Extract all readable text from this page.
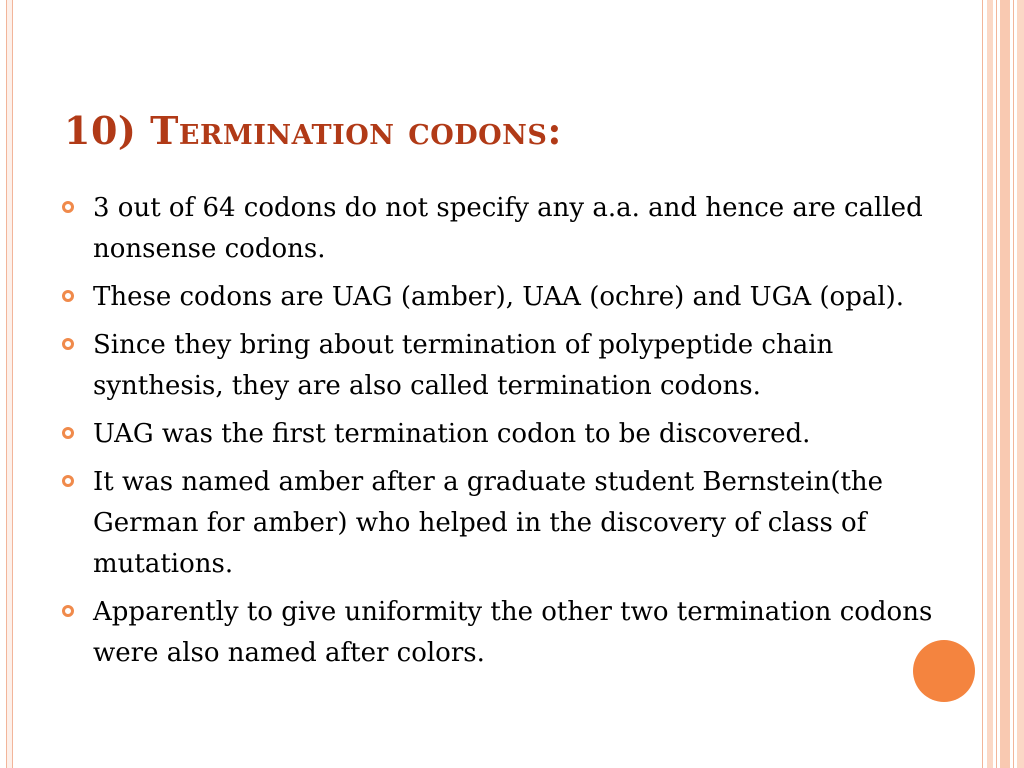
10) Termination codons:
3 out of 64 codons do not specify any a.a. and hence are called nonsense codons.
These codons are UAG (amber), UAA (ochre) and UGA (opal).
Since they bring about termination of polypeptide chain synthesis, they are also called termination codons.
UAG was the first termination codon to be discovered.
It was named amber after a graduate student Bernstein(the German for amber) who helped in the discovery of class of mutations.
Apparently to give uniformity the other two termination codons were also named after colors.
